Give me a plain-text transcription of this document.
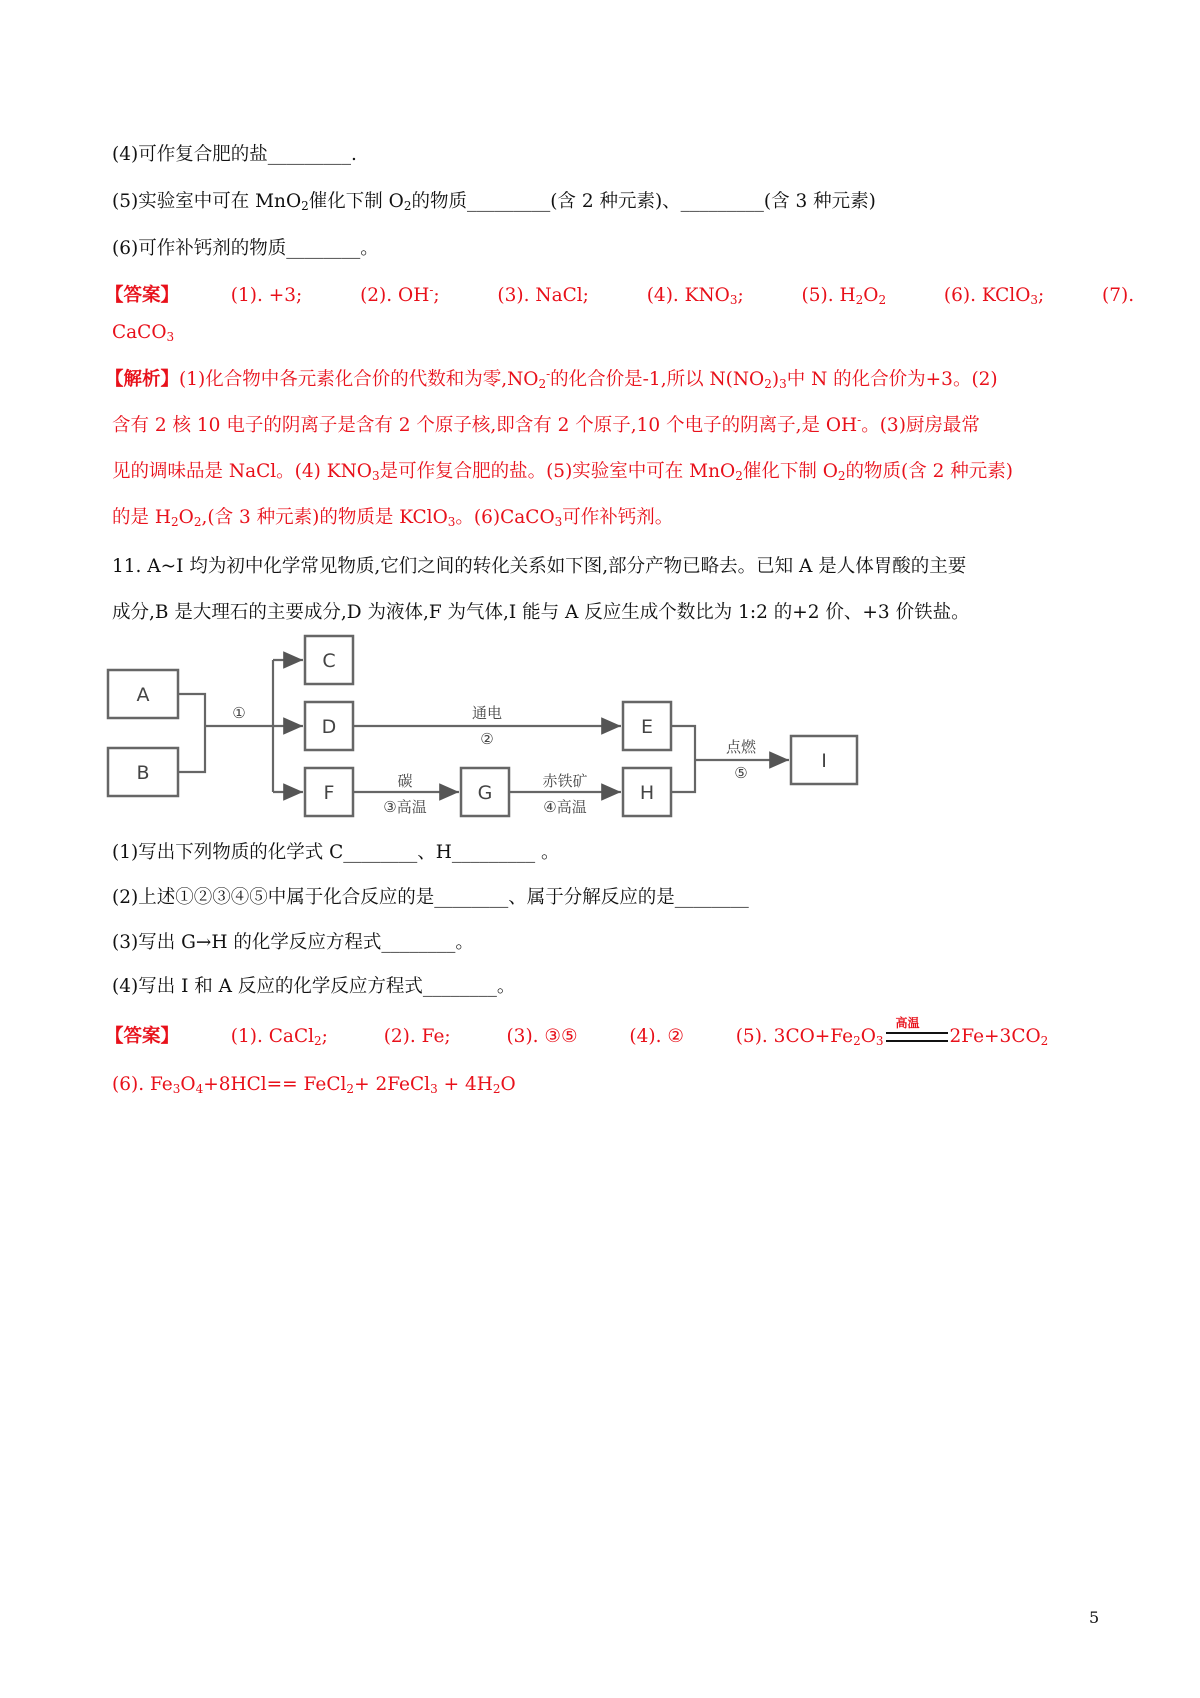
(4)可作复合肥的盐_________.
(5)实验室中可在 MnO$_2$催化下制 $O_2$的物质_________(含 2 种元素)、_________(含 3 种元素)
(6)可作补钙剂的物质________。
【答案】	(1). +3;	(2). OH-;	(3). NaCl;	(4). $KNO_3$;	(5). $H_2O_2$	(6). KClO$_3$;	(7).
CaCO$_3$
【解析】(1)化合物中各元素化合价的代数和为零$,NO_2^-$的化合价是-1,所以 $N(NO_2)_3$中 N 的化合价为+3。(2)
含有 2 核 10 电子的阴离子是含有 2 个原子核,即含有 2 个原子,10 个电子的阴离子,是 OH-。(3)厨房最常
见的调味品是 NaCl。(4) $KNO_3$是可作复合肥的盐。(5)实验室中可在 MnO$_2$催化下制 $O_2$的物质(含 2 种元素)
的是 $H_2O_2$,(含 3 种元素)的物质是 KClO$_3$。(6)CaCO$_3$可作补钙剂。
11. A~I 均为初中化学常见物质,它们之间的转化关系如下图,部分产物已略去。已知 A 是人体胃酸的主要
成分,B 是大理石的主要成分,D 为液体,F 为气体,I 能与 A 反应生成个数比为 1:2 的+2 价、+3 价铁盐。
A
B
C
D	E
F	G	H
I
①	通电
②
碳
③高温
赤铁矿
④高温
点燃
⑤
(1)写出下列物质的化学式 C________、H_________ 。
(2)上述①②③④⑤中属于化合反应的是________、属于分解反应的是________
(3)写出 G→H 的化学反应方程式________。
(4)写出 I 和 A 反应的化学反应方程式________。
【答案】	(1). CaCl$_2$;	(2). Fe;	(3). ③⑤	(4). ②	(5). $3CO+Fe_2O_3$
高温
$2Fe+3CO_2$
(6). $Fe_3O_4+8HCl==$ FeCl$_2$+ 2FeCl$_3$ + $4H_2O$
5
